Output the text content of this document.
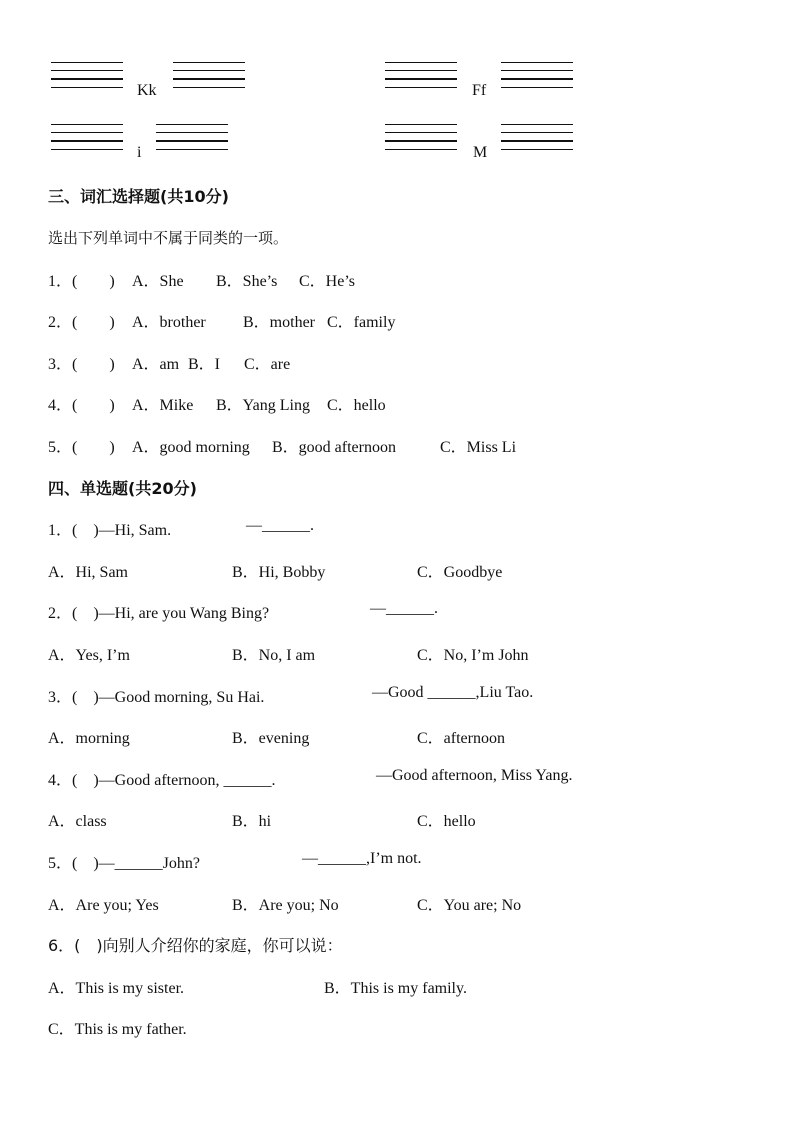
Kk	Ff
i	M
三、词汇选择题(共10分)
选出下列单词中不属于同类的一项。
1．(　　) A．She B．She’s C．He’s
2．(　　) A．brother B．mother C．family
3．(　　) A．am B．I C．are
4．(　　) A．Mike B．Yang Ling C．hello
5．(　　) A．good morning B．good afternoon	C．Miss Li
四、单选题(共20分)
1．(　)—Hi, Sam.	—______.
A．Hi, Sam	B．Hi, Bobby	C．Goodbye
2．(　)—Hi, are you Wang Bing?	—______.
A．Yes, I’m	B．No, I am	C．No, I’m John
3．(　)—Good morning, Su Hai.	—Good ______,Liu Tao.
A．morning	B．evening	C．afternoon
4．(　)—Good afternoon, ______.	—Good afternoon, Miss Yang.
A．class	B．hi	C．hello
5．(　)—______John?	—______,I’m not.
A．Are you; Yes	B．Are you; No	C．You are; No
6．(　)向别人介绍你的家庭，你可以说：
A．This is my sister.	B．This is my family.
C．This is my father.
